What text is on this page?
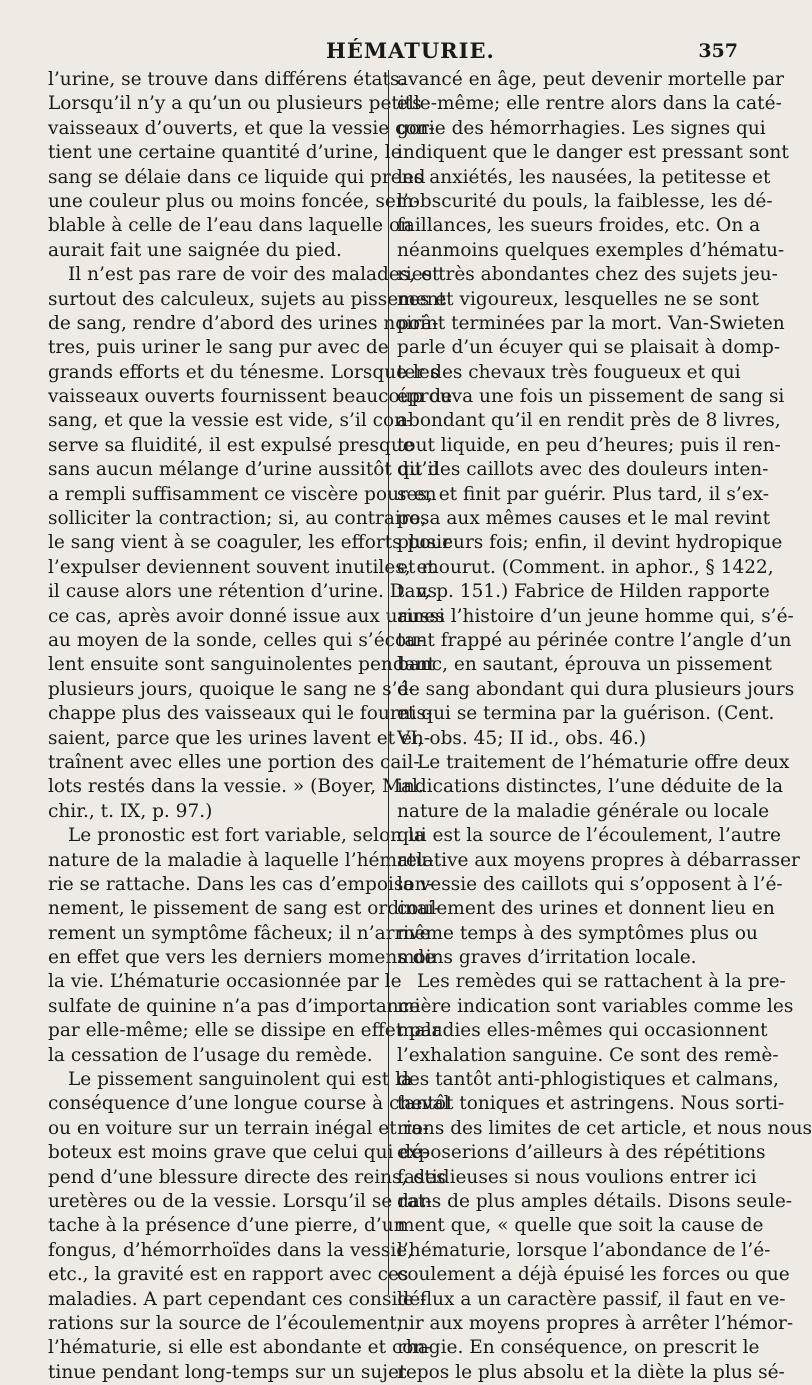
HÉMATURIE.	357
l’urine, se trouve dans différens états.
Lorsqu’il n’y a qu’un ou plusieurs petits
vaisseaux d’ouverts, et que la vessie con-
tient une certaine quantité d’urine, le
sang se délaie dans ce liquide qui prend
une couleur plus ou moins foncée, sem-
blable à celle de l’eau dans laquelle on
aurait fait une saignée du pied.
Il n’est pas rare de voir des malades, et
surtout des calculeux, sujets au pissement
de sang, rendre d’abord des urines noirâ-
tres, puis uriner le sang pur avec de
grands efforts et du ténesme. Lorsque les
vaisseaux ouverts fournissent beaucoup de
sang, et que la vessie est vide, s’il con-
serve sa fluidité, il est expulsé presque
sans aucun mélange d’urine aussitôt qu’il
a rempli suffisamment ce viscère pour en
solliciter la contraction; si, au contraire,
le sang vient à se coaguler, les efforts pour
l’expulser deviennent souvent inutiles, et
il cause alors une rétention d’urine. Dans
ce cas, après avoir donné issue aux urines
au moyen de la sonde, celles qui s’écou-
lent ensuite sont sanguinolentes pendant
plusieurs jours, quoique le sang ne s’é-
chappe plus des vaisseaux qui le fournis-
saient, parce que les urines lavent et en-
traînent avec elles une portion des cail-
lots restés dans la vessie. » (Boyer, Mal.
chir., t. IX, p. 97.)
Le pronostic est fort variable, selon la
nature de la maladie à laquelle l’hématu-
rie se rattache. Dans les cas d’empoison-
nement, le pissement de sang est ordinai-
rement un symptôme fâcheux; il n’arrive
en effet que vers les derniers momens de
la vie. L’hématurie occasionnée par le
sulfate de quinine n’a pas d’importance
par elle-même; elle se dissipe en effet par
la cessation de l’usage du remède.
Le pissement sanguinolent qui est la
conséquence d’une longue course à cheval
ou en voiture sur un terrain inégal et ra-
boteux est moins grave que celui qui dé-
pend d’une blessure directe des reins, des
uretères ou de la vessie. Lorsqu’il se rat-
tache à la présence d’une pierre, d’un
fongus, d’hémorrhoïdes dans la vessie,
etc., la gravité est en rapport avec ces
maladies. A part cependant ces considé-
rations sur la source de l’écoulement,
l’hématurie, si elle est abondante et con-
tinue pendant long-temps sur un sujet
avancé en âge, peut devenir mortelle par
elle-même; elle rentre alors dans la caté-
gorie des hémorrhagies. Les signes qui
indiquent que le danger est pressant sont
les anxiétés, les nausées, la petitesse et
l’obscurité du pouls, la faiblesse, les dé-
faillances, les sueurs froides, etc. On a
néanmoins quelques exemples d’hématu-
ries très abondantes chez des sujets jeu-
nes et vigoureux, lesquelles ne se sont
point terminées par la mort. Van-Swieten
parle d’un écuyer qui se plaisait à domp-
ter des chevaux très fougueux et qui
éprouva une fois un pissement de sang si
abondant qu’il en rendit près de 8 livres,
tout liquide, en peu d’heures; puis il ren-
dit des caillots avec des douleurs inten-
ses, et finit par guérir. Plus tard, il s’ex-
posa aux mêmes causes et le mal revint
plusieurs fois; enfin, il devint hydropique
et mourut. (Comment. in aphor., § 1422,
t. v, p. 151.) Fabrice de Hilden rapporte
aussi l’histoire d’un jeune homme qui, s’é-
tant frappé au périnée contre l’angle d’un
banc, en sautant, éprouva un pissement
de sang abondant qui dura plusieurs jours
et qui se termina par la guérison. (Cent.
VI, obs. 45; II id., obs. 46.)
Le traitement de l’hématurie offre deux
indications distinctes, l’une déduite de la
nature de la maladie générale ou locale
qui est la source de l’écoulement, l’autre
relative aux moyens propres à débarrasser
la vessie des caillots qui s’opposent à l’é-
coulement des urines et donnent lieu en
même temps à des symptômes plus ou
moins graves d’irritation locale.
Les remèdes qui se rattachent à la pre-
mière indication sont variables comme les
maladies elles-mêmes qui occasionnent
l’exhalation sanguine. Ce sont des remè-
des tantôt anti-phlogistiques et calmans,
tantôt toniques et astringens. Nous sorti-
rions des limites de cet article, et nous nous
exposerions d’ailleurs à des répétitions
fastidieuses si nous voulions entrer ici
dans de plus amples détails. Disons seule-
ment que, « quelle que soit la cause de
l’hématurie, lorsque l’abondance de l’é-
coulement a déjà épuisé les forces ou que
le flux a un caractère passif, il faut en ve-
nir aux moyens propres à arrêter l’hémor-
rhagie. En conséquence, on prescrit le
repos le plus absolu et la diète la plus sé-
